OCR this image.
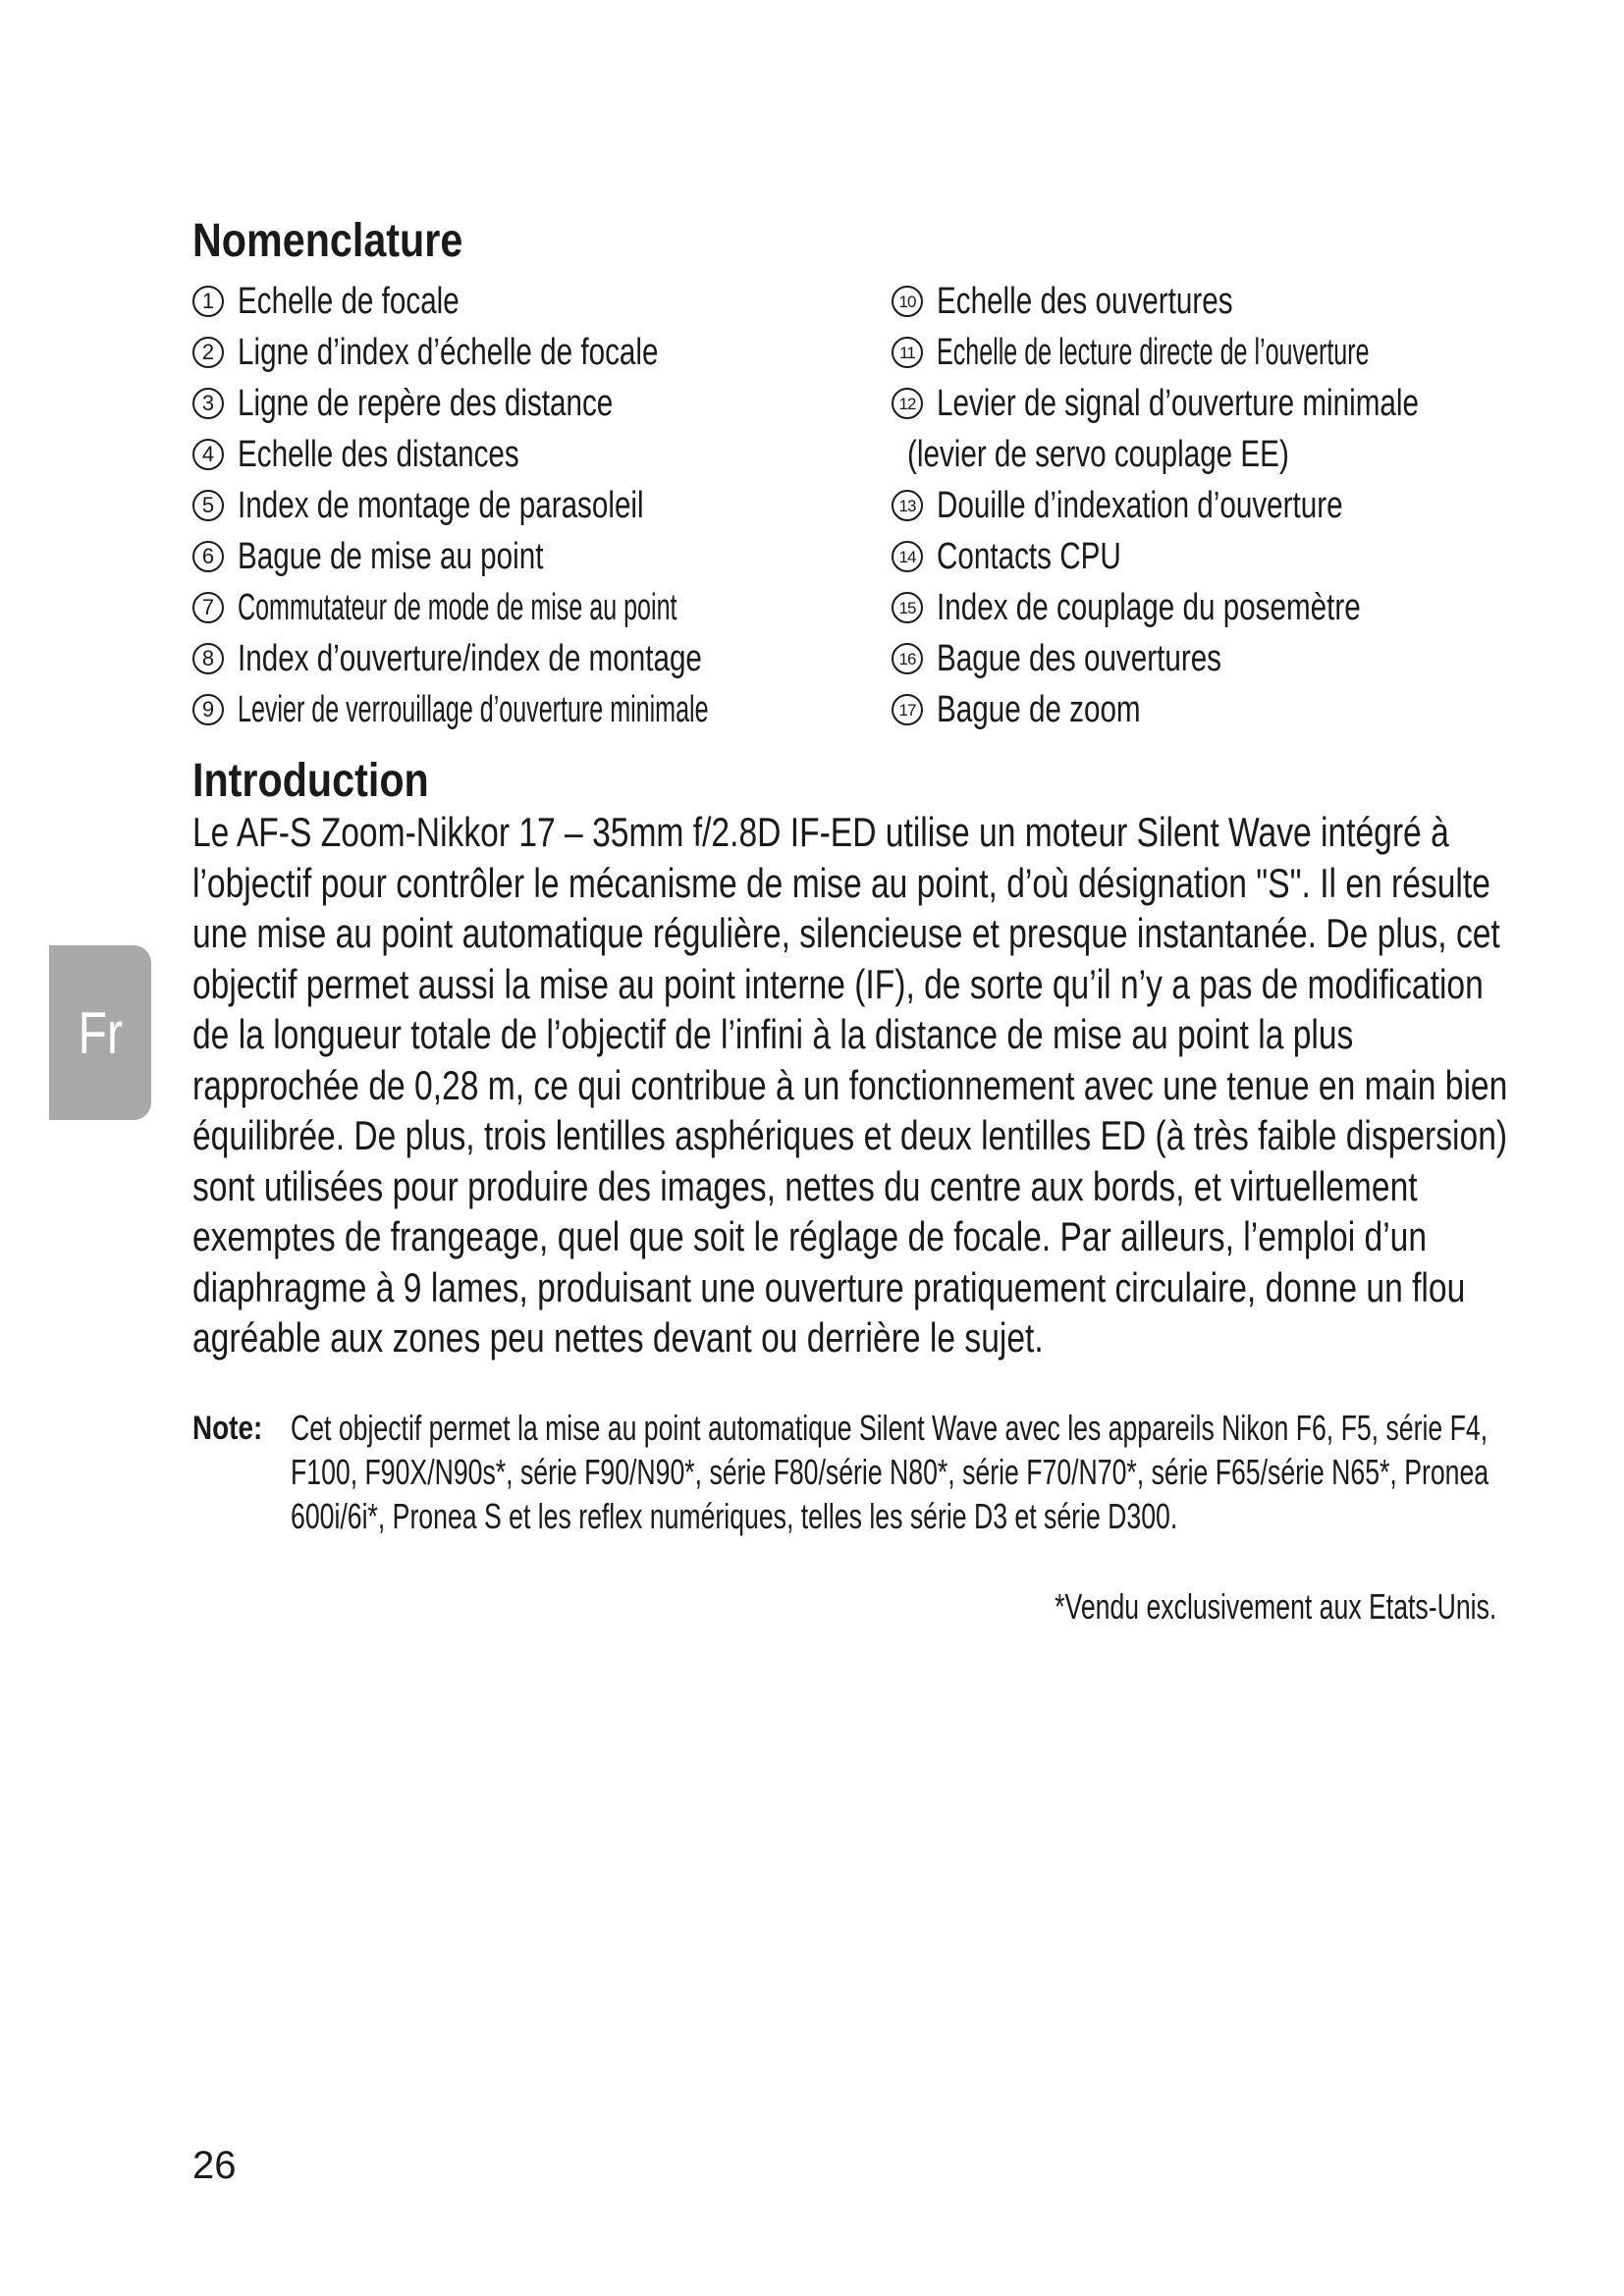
Nomenclature
1 Echelle de focale
2 Ligne d’index d’échelle de focale
3 Ligne de repère des distance
4 Echelle des distances
5 Index de montage de parasoleil
6 Bague de mise au point
7 Commutateur de mode de mise au point
8 Index d’ouverture/index de montage
9 Levier de verrouillage d’ouverture minimale
10 Echelle des ouvertures
11 Echelle de lecture directe de l’ouverture
12 Levier de signal d’ouverture minimale
(levier de servo couplage EE)
13 Douille d’indexation d’ouverture
14 Contacts CPU
15 Index de couplage du posemètre
16 Bague des ouvertures
17 Bague de zoom
Fr
Introduction

Le AF-S Zoom-Nikkor 17 – 35mm f/2.8D IF-ED utilise un moteur Silent Wave intégré à l’objectif pour contrôler le mécanisme de mise au point, d’où désignation "S". Il en résulte une mise au point automatique régulière, silencieuse et presque instantanée. De plus, cet objectif permet aussi la mise au point interne (IF), de sorte qu’il n’y a pas de modification de la longueur totale de l’objectif de l’infini à la distance de mise au point la plus rapprochée de 0,28 m, ce qui contribue à un fonctionnement avec une tenue en main bien équilibrée. De plus, trois lentilles asphériques et deux lentilles ED (à très faible dispersion) sont utilisées pour produire des images, nettes du centre aux bords, et virtuellement exemptes de frangeage, quel que soit le réglage de focale. Par ailleurs, l’emploi d’un diaphragme à 9 lames, produisant une ouverture pratiquement circulaire, donne un flou agréable aux zones peu nettes devant ou derrière le sujet.

Note: Cet objectif permet la mise au point automatique Silent Wave avec les appareils Nikon F6, F5, série F4, F100, F90X/N90s*, série F90/N90*, série F80/série N80*, série F70/N70*, série F65/série N65*, Pronea 600i/6i*, Pronea S et les reflex numériques, telles les série D3 et série D300.

*Vendu exclusivement aux Etats-Unis.
26
